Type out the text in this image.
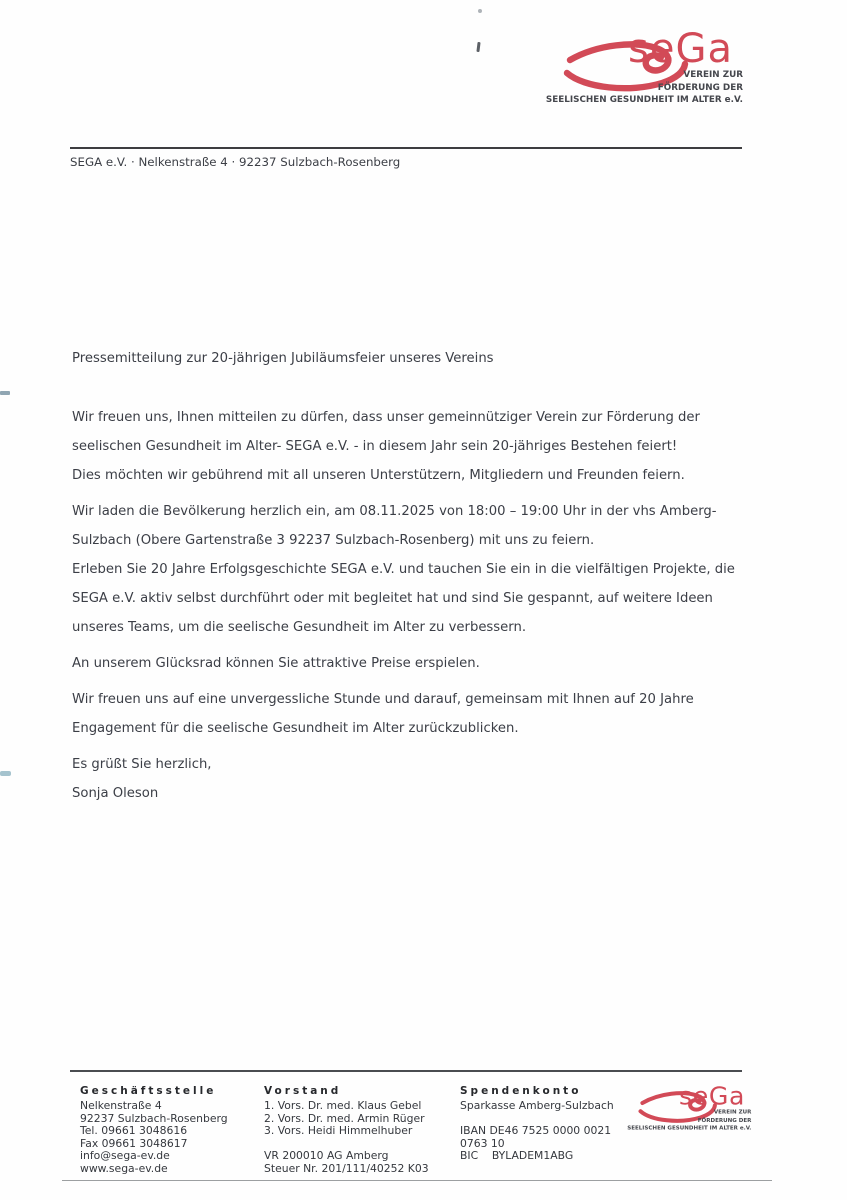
seGa
VEREIN ZUR
FÖRDERUNG DER
SEELISCHEN GESUNDHEIT IM ALTER e.V.
SEGA e.V. · Nelkenstraße 4 · 92237 Sulzbach-Rosenberg
Pressemitteilung zur 20-jährigen Jubiläumsfeier unseres Vereins
Wir freuen uns, Ihnen mitteilen zu dürfen, dass unser gemeinnütziger Verein zur Förderung der
seelischen Gesundheit im Alter- SEGA e.V. - in diesem Jahr sein 20-jähriges Bestehen feiert!
Dies möchten wir gebührend mit all unseren Unterstützern, Mitgliedern und Freunden feiern.
Wir laden die Bevölkerung herzlich ein, am 08.11.2025 von 18:00 – 19:00 Uhr in der vhs Amberg-
Sulzbach (Obere Gartenstraße 3 92237 Sulzbach-Rosenberg) mit uns zu feiern.
Erleben Sie 20 Jahre Erfolgsgeschichte SEGA e.V. und tauchen Sie ein in die vielfältigen Projekte, die
SEGA e.V. aktiv selbst durchführt oder mit begleitet hat und sind Sie gespannt, auf weitere Ideen
unseres Teams, um die seelische Gesundheit im Alter zu verbessern.
An unserem Glücksrad können Sie attraktive Preise erspielen.
Wir freuen uns auf eine unvergessliche Stunde und darauf, gemeinsam mit Ihnen auf 20 Jahre
Engagement für die seelische Gesundheit im Alter zurückzublicken.
Es grüßt Sie herzlich,
Sonja Oleson
Geschäftsstelle
Nelkenstraße 4
92237 Sulzbach-Rosenberg
Tel. 09661 3048616
Fax 09661 3048617
info@sega-ev.de
www.sega-ev.de
Vorstand
1. Vors. Dr. med. Klaus Gebel
2. Vors. Dr. med. Armin Rüger
3. Vors. Heidi Himmelhuber
VR 200010 AG Amberg
Steuer Nr. 201/111/40252 K03
Spendenkonto
Sparkasse Amberg-Sulzbach
IBAN DE46 7525 0000 0021
0763 10
BIC    BYLADEM1ABG
seGa
VEREIN ZUR
FÖRDERUNG DER
SEELISCHEN GESUNDHEIT IM ALTER e.V.
